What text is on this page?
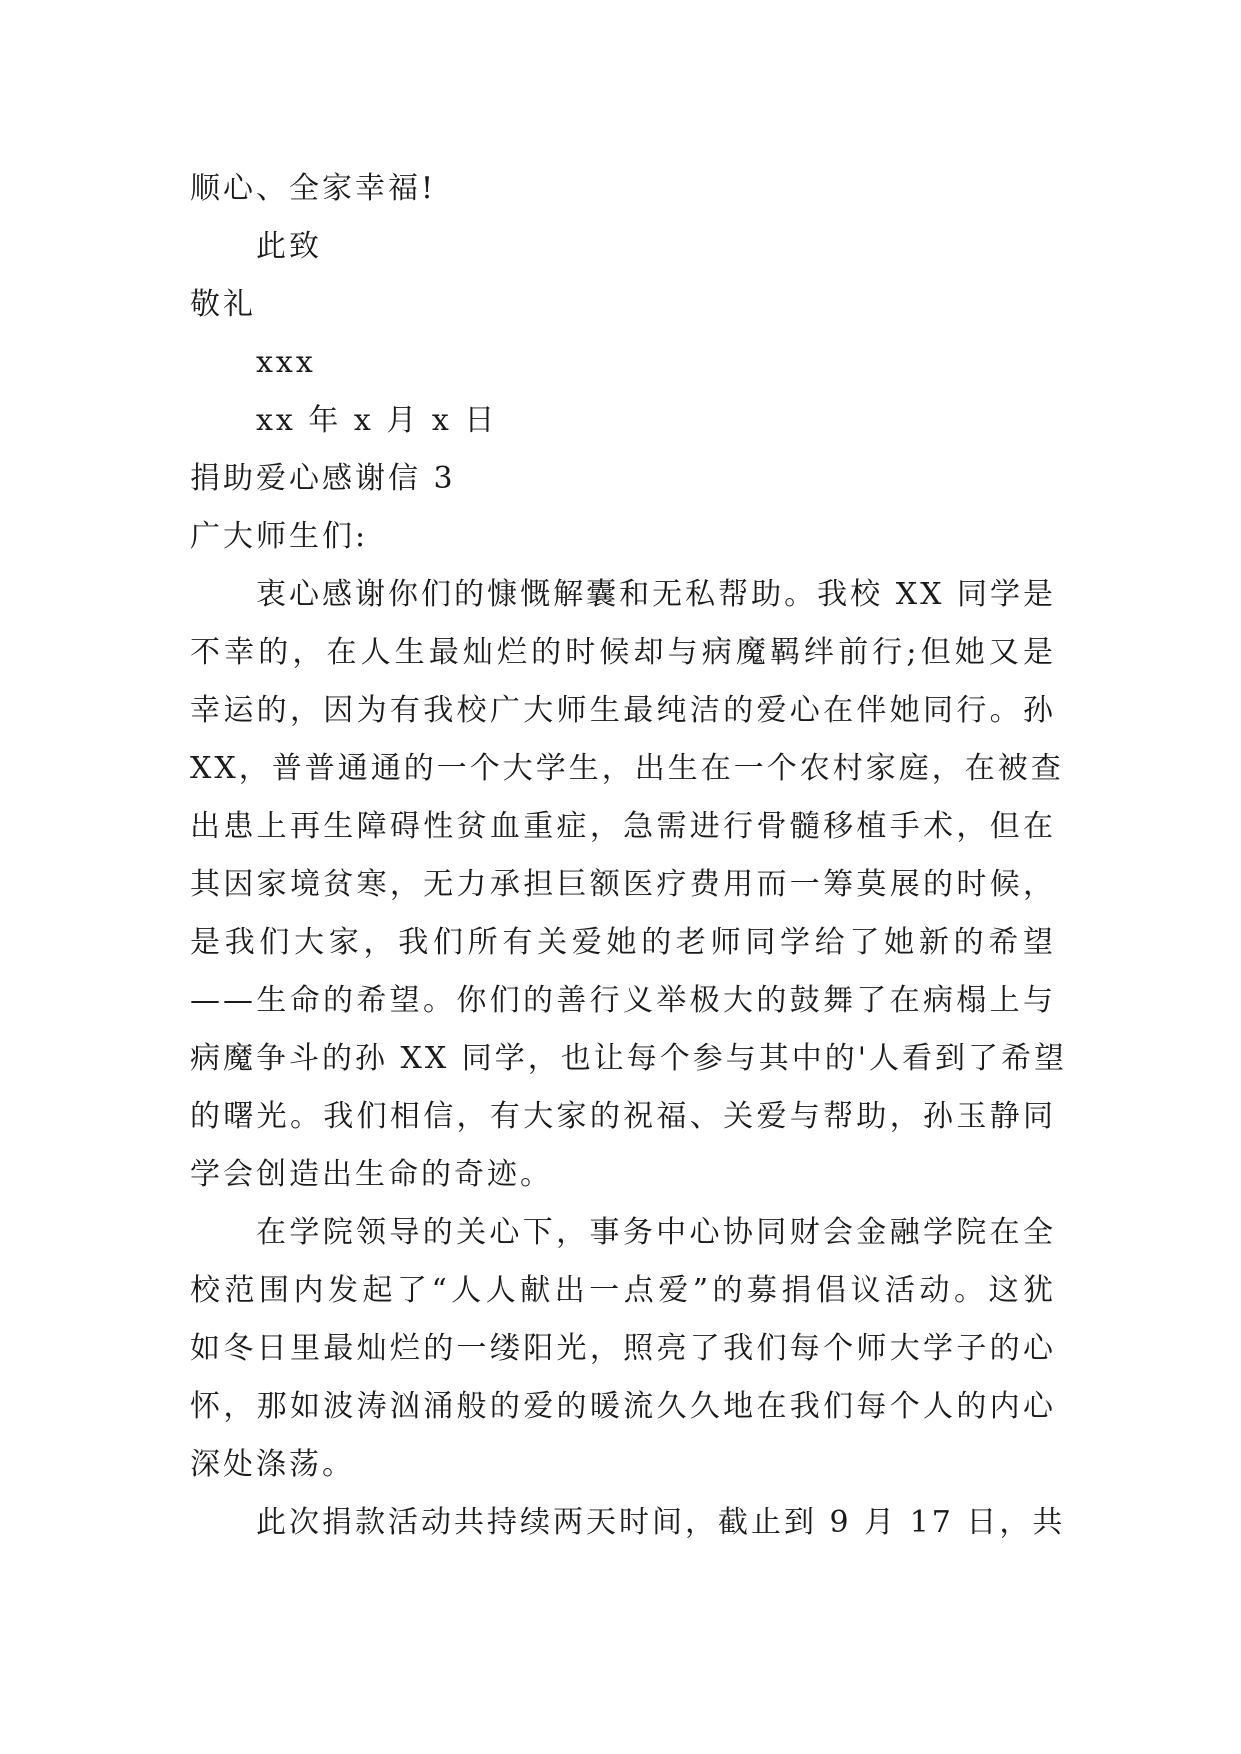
顺心、全家幸福!
此致
敬礼
xxx
xx 年 x 月 x 日
捐助爱心感谢信 3
广大师生们:
衷心感谢你们的慷慨解囊和无私帮助。我校 XX 同学是
不幸的，在人生最灿烂的时候却与病魔羁绊前行;但她又是
幸运的，因为有我校广大师生最纯洁的爱心在伴她同行。孙
XX，普普通通的一个大学生，出生在一个农村家庭，在被查
出患上再生障碍性贫血重症，急需进行骨髓移植手术，但在
其因家境贫寒，无力承担巨额医疗费用而一筹莫展的时候，
是我们大家，我们所有关爱她的老师同学给了她新的希望
——生命的希望。你们的善行义举极大的鼓舞了在病榻上与
病魔争斗的孙 XX 同学，也让每个参与其中的'人看到了希望
的曙光。我们相信，有大家的祝福、关爱与帮助，孙玉静同
学会创造出生命的奇迹。
在学院领导的关心下，事务中心协同财会金融学院在全
校范围内发起了“人人献出一点爱”的募捐倡议活动。这犹
如冬日里最灿烂的一缕阳光，照亮了我们每个师大学子的心
怀，那如波涛汹涌般的爱的暖流久久地在我们每个人的内心
深处涤荡。
此次捐款活动共持续两天时间，截止到 9 月 17 日，共
